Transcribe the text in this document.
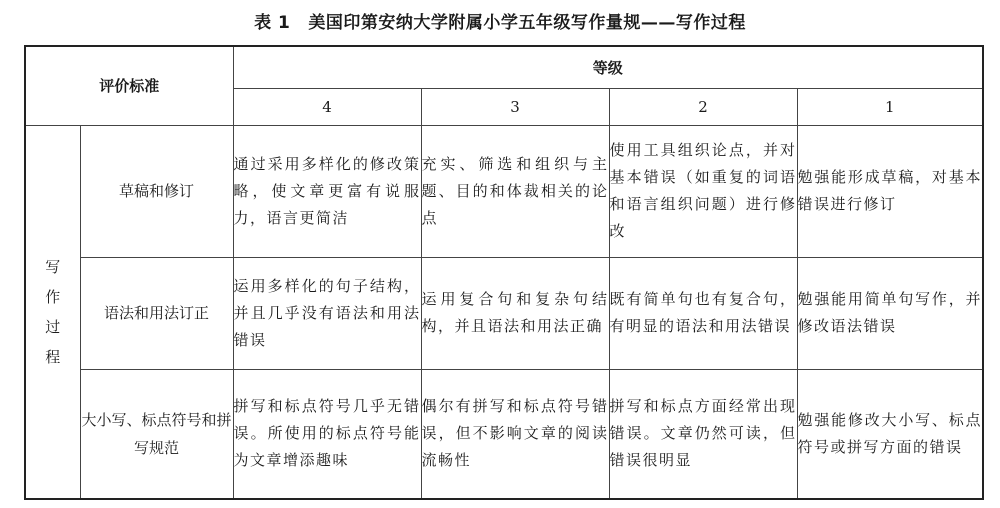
表 1 美国印第安纳大学附属小学五年级写作量规——写作过程
评价标准		等级			
		4	3	2	1

写
作
过
程	草稿和修订	通过采用多样化的修改策略，使文章更富有说服力，语言更简洁	充实、筛选和组织与主题、目的和体裁相关的论点	使用工具组织论点，并对基本错误（如重复的词语和语言组织问题）进行修改	勉强能形成草稿，对基本错误进行修订
	语法和用法订正	运用多样化的句子结构，并且几乎没有语法和用法错误	运用复合句和复杂句结构，并且语法和用法正确	既有简单句也有复合句，有明显的语法和用法错误	勉强能用简单句写作，并修改语法错误
	大小写、标点符号和拼写规范	拼写和标点符号几乎无错误。所使用的标点符号能为文章增添趣味	偶尔有拼写和标点符号错误，但不影响文章的阅读流畅性	拼写和标点方面经常出现错误。文章仍然可读，但错误很明显	勉强能修改大小写、标点符号或拼写方面的错误
